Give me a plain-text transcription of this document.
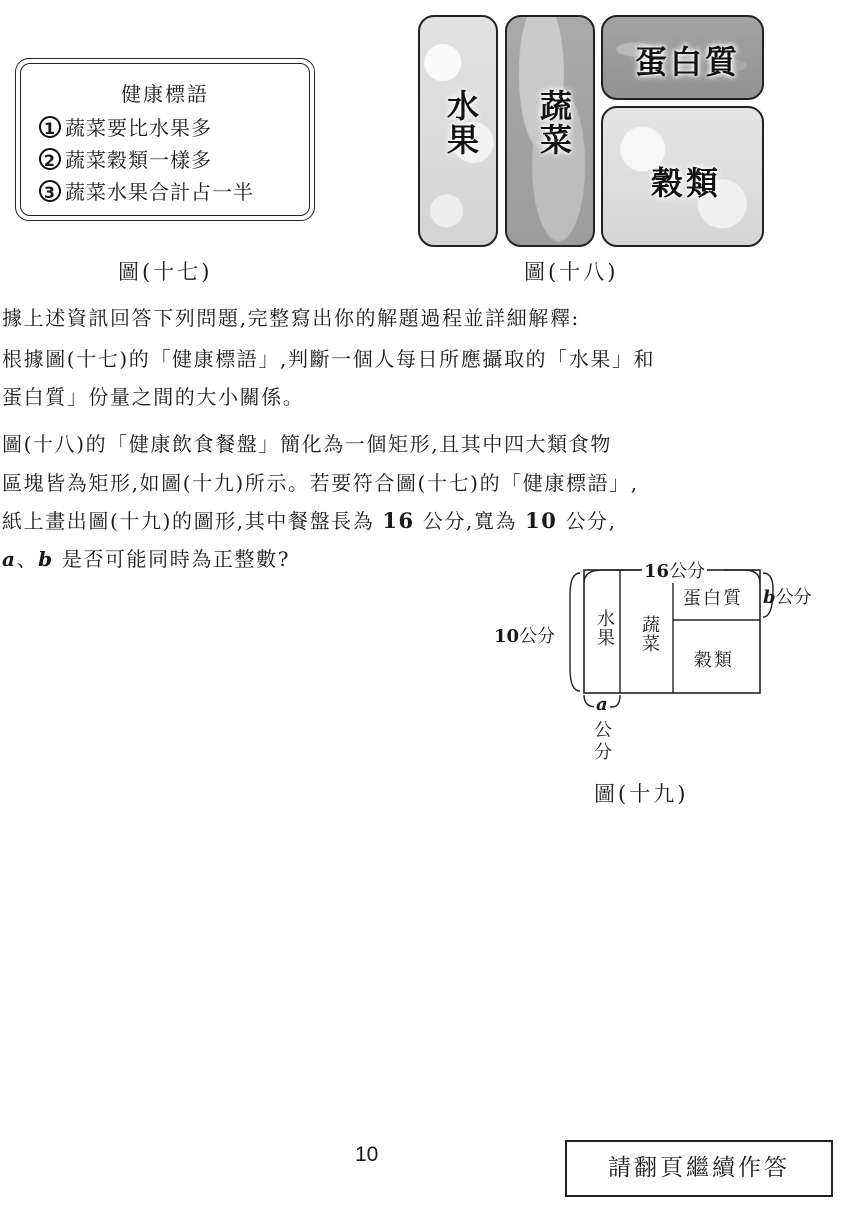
健康標語
1 蔬菜要比水果多
2 蔬菜穀類一樣多
3 蔬菜水果合計占一半
圖(十七)
水果 蔬菜
蛋白質
穀類
圖(十八)
據上述資訊回答下列問題,完整寫出你的解題過程並詳細解釋:
根據圖(十七)的「健康標語」,判斷一個人每日所應攝取的「水果」和
蛋白質」份量之間的大小關係。
圖(十八)的「健康飲食餐盤」簡化為一個矩形,且其中四大類食物
區塊皆為矩形,如圖(十九)所示。若要符合圖(十七)的「健康標語」,
紙上畫出圖(十九)的圖形,其中餐盤長為 16 公分,寬為 10 公分,
a、b 是否可能同時為正整數?
16公分
10公分
b公分
水果 蔬菜
蛋白質
穀類
a
公
分
圖(十九)
10
請翻頁繼續作答
